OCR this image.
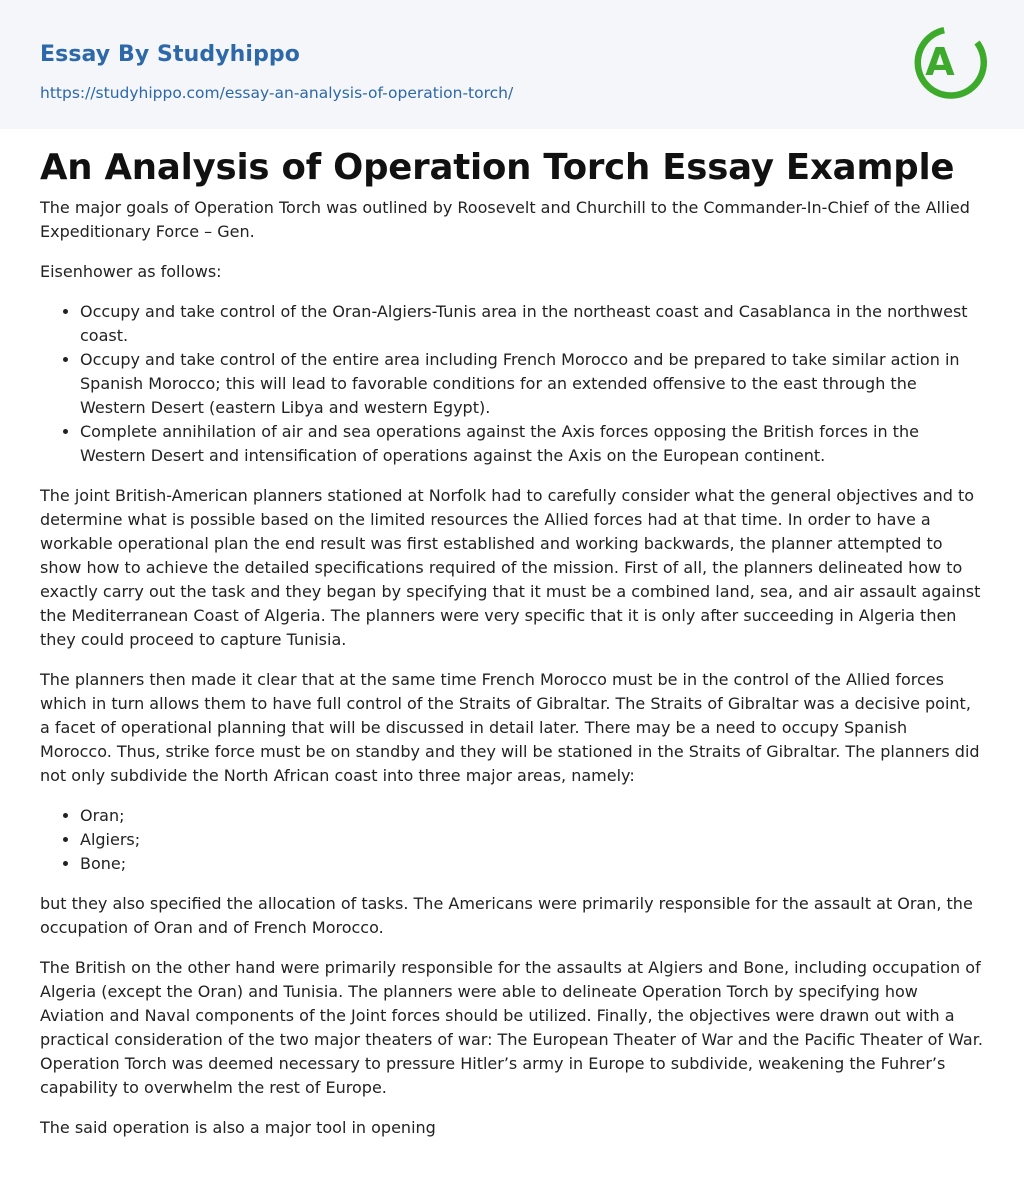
Essay By Studyhippo
https://studyhippo.com/essay-an-analysis-of-operation-torch/
A
An Analysis of Operation Torch Essay Example

The major goals of Operation Torch was outlined by Roosevelt and Churchill to the Commander-In-Chief of the Allied Expeditionary Force – Gen.

Eisenhower as follows:

• Occupy and take control of the Oran-Algiers-Tunis area in the northeast coast and Casablanca in the northwest coast.
• Occupy and take control of the entire area including French Morocco and be prepared to take similar action in Spanish Morocco; this will lead to favorable conditions for an extended offensive to the east through the Western Desert (eastern Libya and western Egypt).
• Complete annihilation of air and sea operations against the Axis forces opposing the British forces in the Western Desert and intensification of operations against the Axis on the European continent.

The joint British-American planners stationed at Norfolk had to carefully consider what the general objectives and to determine what is possible based on the limited resources the Allied forces had at that time. In order to have a workable operational plan the end result was first established and working backwards, the planner attempted to show how to achieve the detailed specifications required of the mission. First of all, the planners delineated how to exactly carry out the task and they began by specifying that it must be a combined land, sea, and air assault against the Mediterranean Coast of Algeria. The planners were very specific that it is only after succeeding in Algeria then they could proceed to capture Tunisia.

The planners then made it clear that at the same time French Morocco must be in the control of the Allied forces which in turn allows them to have full control of the Straits of Gibraltar. The Straits of Gibraltar was a decisive point, a facet of operational planning that will be discussed in detail later. There may be a need to occupy Spanish Morocco. Thus, strike force must be on standby and they will be stationed in the Straits of Gibraltar. The planners did not only subdivide the North African coast into three major areas, namely:

• Oran;
• Algiers;
• Bone;

but they also specified the allocation of tasks. The Americans were primarily responsible for the assault at Oran, the occupation of Oran and of French Morocco.

The British on the other hand were primarily responsible for the assaults at Algiers and Bone, including occupation of Algeria (except the Oran) and Tunisia. The planners were able to delineate Operation Torch by specifying how Aviation and Naval components of the Joint forces should be utilized. Finally, the objectives were drawn out with a practical consideration of the two major theaters of war: The European Theater of War and the Pacific Theater of War. Operation Torch was deemed necessary to pressure Hitler’s army in Europe to subdivide, weakening the Fuhrer’s capability to overwhelm the rest of Europe.

The said operation is also a major tool in opening
